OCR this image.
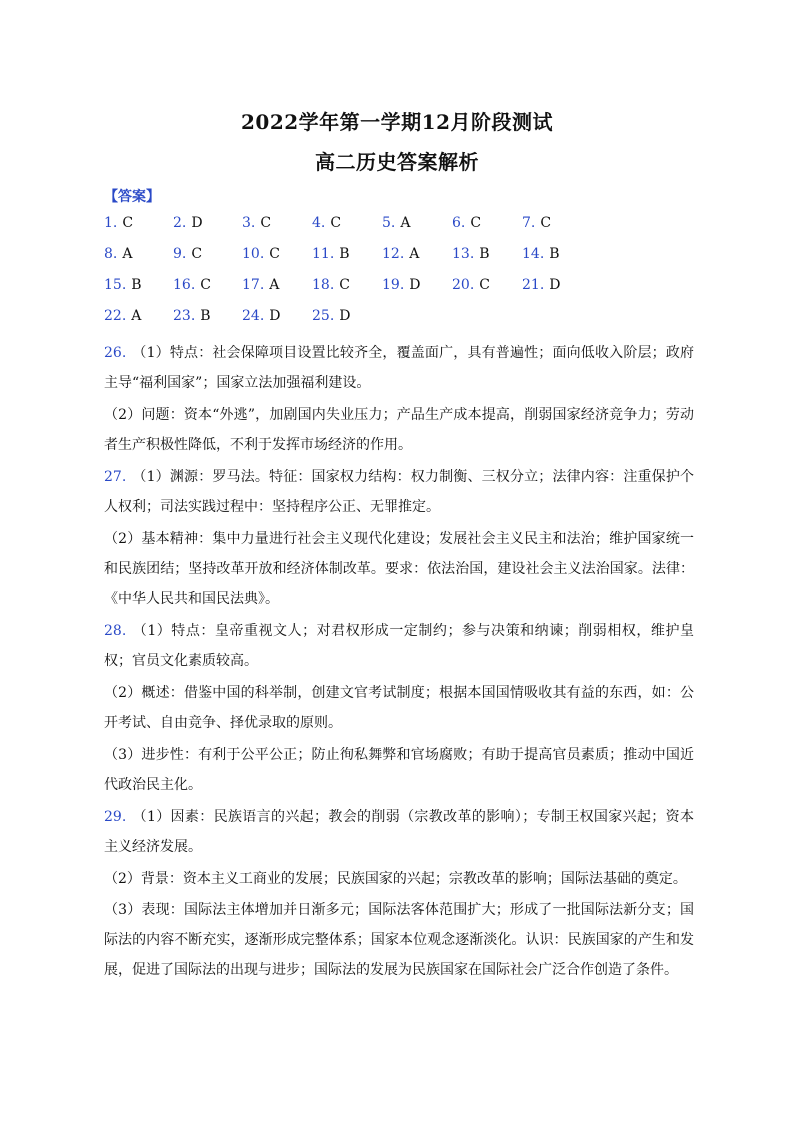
2022学年第一学期12月阶段测试
高二历史答案解析
【答案】
1. C	2. D	3. C	4. C	5. A	6. C	7. C
8. A	9. C	10. C 11. B 12. A 13. B 14. B
15. B 16. C 17. A 18. C 19. D 20. C 21. D
22. A 23. B 24. D 25. D
26. （1）特点：社会保障项目设置比较齐全，覆盖面广，具有普遍性；面向低收入阶层；政府主导“福利国家”；国家立法加强福利建设。
（2）问题：资本“外逃”，加剧国内失业压力；产品生产成本提高，削弱国家经济竞争力；劳动者生产积极性降低，不利于发挥市场经济的作用。
27. （1）渊源：罗马法。特征：国家权力结构：权力制衡、三权分立；法律内容：注重保护个人权利；司法实践过程中：坚持程序公正、无罪推定。
（2）基本精神：集中力量进行社会主义现代化建设；发展社会主义民主和法治；维护国家统一和民族团结；坚持改革开放和经济体制改革。要求：依法治国，建设社会主义法治国家。法律：《中华人民共和国民法典》。
28. （1）特点：皇帝重视文人；对君权形成一定制约；参与决策和纳谏；削弱相权，维护皇权；官员文化素质较高。
（2）概述：借鉴中国的科举制，创建文官考试制度；根据本国国情吸收其有益的东西，如：公开考试、自由竞争、择优录取的原则。
（3）进步性：有利于公平公正；防止徇私舞弊和官场腐败；有助于提高官员素质；推动中国近代政治民主化。
29. （1）因素：民族语言的兴起；教会的削弱（宗教改革的影响）；专制王权国家兴起；资本主义经济发展。
（2）背景：资本主义工商业的发展；民族国家的兴起；宗教改革的影响；国际法基础的奠定。
（3）表现：国际法主体增加并日渐多元；国际法客体范围扩大；形成了一批国际法新分支；国际法的内容不断充实，逐渐形成完整体系；国家本位观念逐渐淡化。认识：民族国家的产生和发展，促进了国际法的出现与进步；国际法的发展为民族国家在国际社会广泛合作创造了条件。
